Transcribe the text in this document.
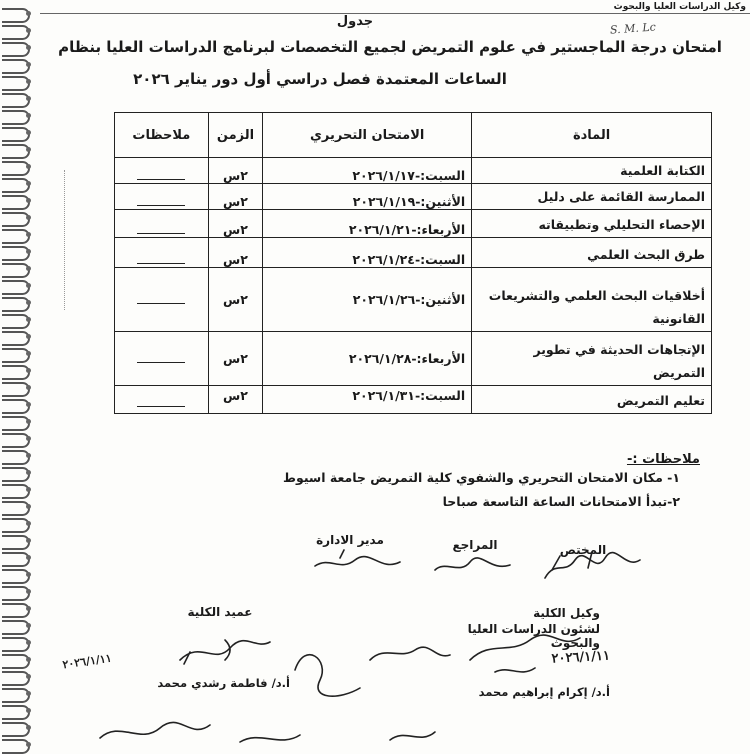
وكيل الدراسات العليا والبحوث
S. M. Lc
جدول
امتحان درجة الماجستير في علوم التمريض لجميع التخصصات لبرنامج الدراسات العليا بنظام
الساعات المعتمدة فصل دراسي أول دور يناير ٢٠٢٦
المادة	الامتحان التحريري	الزمن	ملاحظات
الكتابة العلمية	السبت:-٢٠٢٦/١/١٧	٢س	
الممارسة القائمة على دليل	الأثنين:-٢٠٢٦/١/١٩	٢س	
الإحصاء التحليلي وتطبيقاته	الأربعاء:-٢٠٢٦/١/٢١	٢س	
طرق البحث العلمي	السبت:-٢٠٢٦/١/٢٤	٢س	
أخلاقيات البحث العلمي والتشريعات القانونية	الأثنين:-٢٠٢٦/١/٢٦	٢س	
الإتجاهات الحديثة في تطوير التمريض	الأربعاء:-٢٠٢٦/١/٢٨	٢س	
تعليم التمريض	السبت:-٢٠٢٦/١/٣١	٢س	
ملاحظات :-
١- مكان الامتحان التحريري والشفوي كلية التمريض جامعة اسيوط
٢-تبدأ الامتحانات الساعة التاسعة صباحا
المختص
المراجع
مدير الادارة
وكيل الكلية
لشئون الدراسات العليا والبحوث
أ.د/ إكرام إبراهيم محمد
عميد الكلية
أ.د/ فاطمة رشدي محمد
٢٠٢٦/١/١١
٢٠٢٦/١/١١
